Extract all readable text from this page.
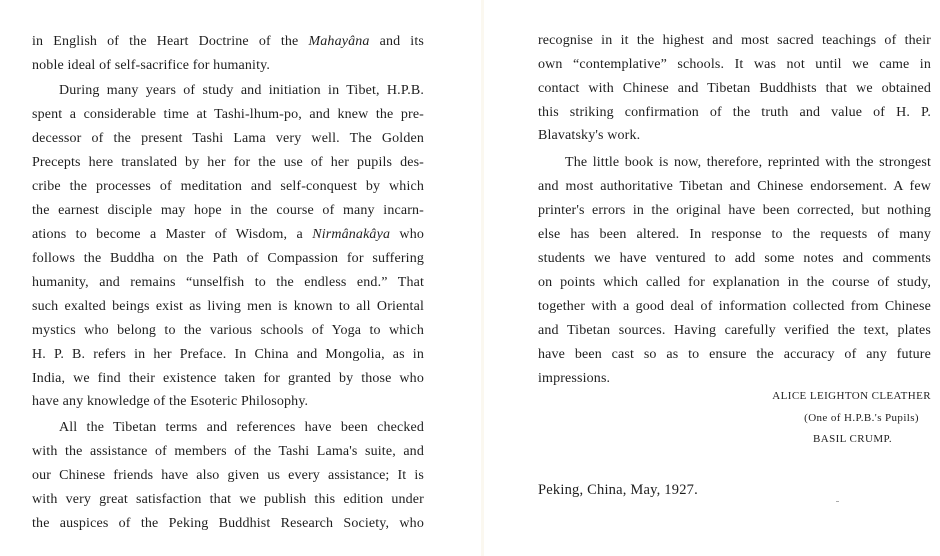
in English of the Heart Doctrine of the Mahayâna and its
noble ideal of self-sacrifice for humanity.
During many years of study and initiation in Tibet, H.P.B.
spent a considerable time at Tashi-lhum-po, and knew the pre-
decessor of the present Tashi Lama very well. The Golden
Precepts here translated by her for the use of her pupils des-
cribe the processes of meditation and self-conquest by which
the earnest disciple may hope in the course of many incarn-
ations to become a Master of Wisdom, a Nirmânakâya who
follows the Buddha on the Path of Compassion for suffering
humanity, and remains “unselfish to the endless end.” That
such exalted beings exist as living men is known to all Oriental
mystics who belong to the various schools of Yoga to which
H. P. B. refers in her Preface. In China and Mongolia, as in
India, we find their existence taken for granted by those who
have any knowledge of the Esoteric Philosophy.
All the Tibetan terms and references have been checked
with the assistance of members of the Tashi Lama's suite, and
our Chinese friends have also given us every assistance; It is
with very great satisfaction that we publish this edition under
the auspices of the Peking Buddhist Research Society, who
recognise in it the highest and most sacred teachings of their
own “contemplative” schools. It was not until we came in
contact with Chinese and Tibetan Buddhists that we obtained
this striking confirmation of the truth and value of H. P.
Blavatsky's work.
The little book is now, therefore, reprinted with the strongest
and most authoritative Tibetan and Chinese endorsement. A few
printer's errors in the original have been corrected, but nothing
else has been altered. In response to the requests of many
students we have ventured to add some notes and comments
on points which called for explanation in the course of study,
together with a good deal of information collected from Chinese
and Tibetan sources. Having carefully verified the text, plates
have been cast so as to ensure the accuracy of any future
impressions.
ALICE LEIGHTON CLEATHER
(One of H.P.B.'s Pupils)
BASIL CRUMP.
Peking, China, May, 1927.
